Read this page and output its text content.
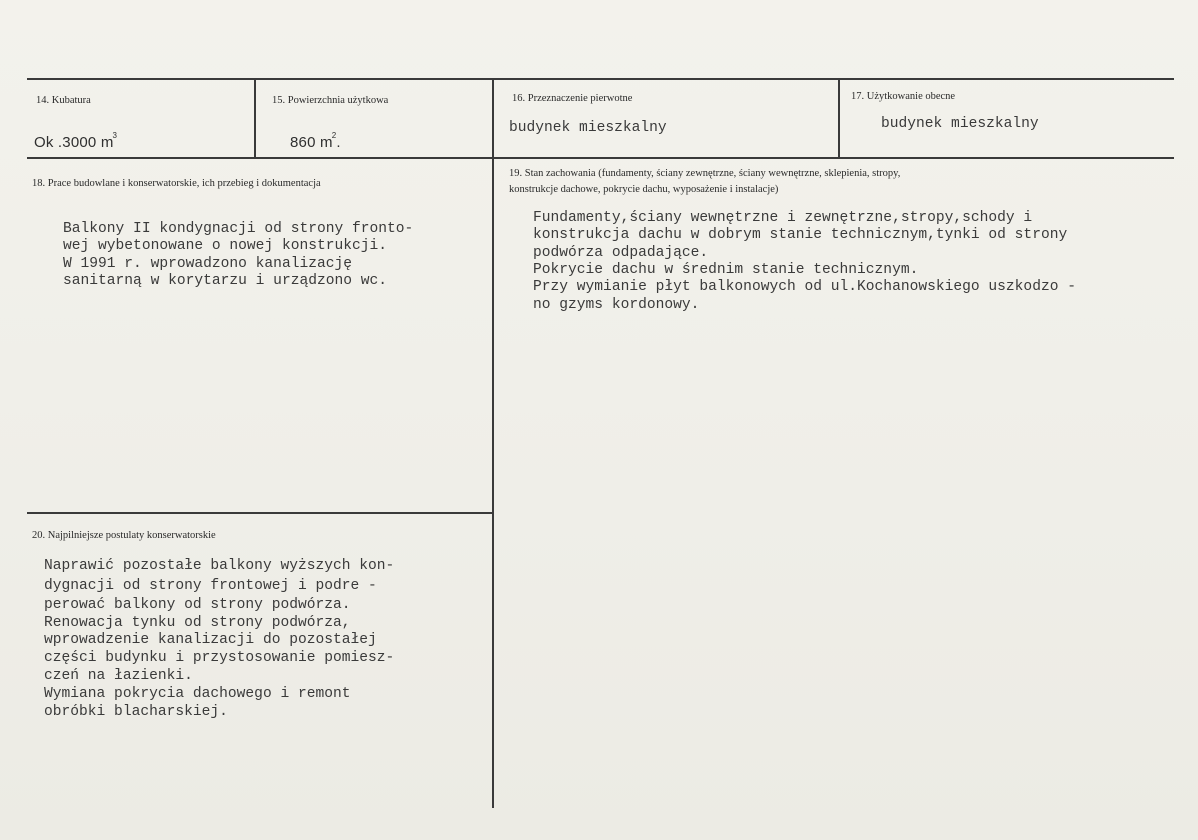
14. Kubatura
Ok .3000 $m^3$
15. Powierzchnia użytkowa
860 $m^2$.
16. Przeznaczenie pierwotne
budynek mieszkalny
17. Użytkowanie obecne
budynek mieszkalny
18. Prace budowlane i konserwatorskie, ich przebieg i dokumentacja
Balkony II kondygnacji od strony fronto-
wej wybetonowane o nowej konstrukcji.
W 1991 r. wprowadzono kanalizację
sanitarną w korytarzu i urządzono wc.
19. Stan zachowania (fundamenty, ściany zewnętrzne, ściany wewnętrzne, sklepienia, stropy,
konstrukcje dachowe, pokrycie dachu, wyposażenie i instalacje)
Fundamenty,ściany wewnętrzne i zewnętrzne,stropy,schody i
konstrukcja dachu w dobrym stanie technicznym,tynki od strony
podwórza odpadające.
Pokrycie dachu w średnim stanie technicznym.
Przy wymianie płyt balkonowych od ul.Kochanowskiego uszkodzo -
no gzyms kordonowy.
20. Najpilniejsze postulaty konserwatorskie
Naprawić pozostałe balkony wyższych kon-
dygnacji od strony frontowej i podre -
perować balkony od strony podwórza.
Renowacja tynku od strony podwórza,
wprowadzenie kanalizacji do pozostałej
części budynku i przystosowanie pomiesz-
czeń na łazienki.
Wymiana pokrycia dachowego i remont
obróbki blacharskiej.
